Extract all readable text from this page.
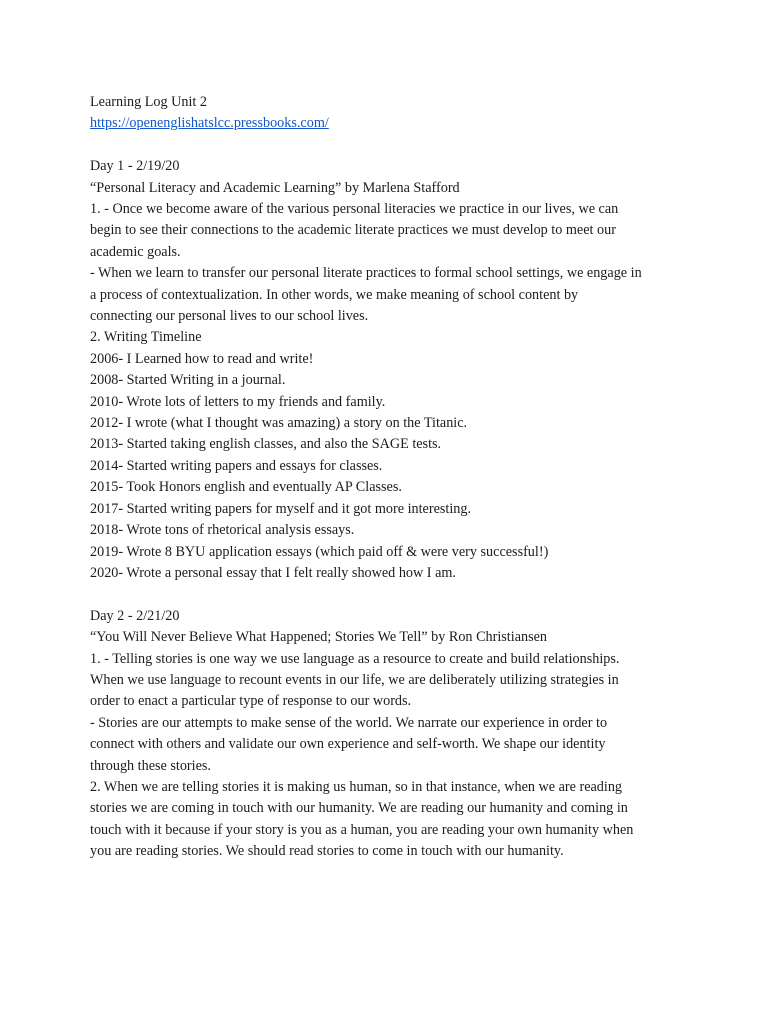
Learning Log Unit 2
https://openenglishatslcc.pressbooks.com/
Day 1 - 2/19/20
“Personal Literacy and Academic Learning” by Marlena Stafford
1. - Once we become aware of the various personal literacies we practice in our lives, we can
begin to see their connections to the academic literate practices we must develop to meet our
academic goals.
- When we learn to transfer our personal literate practices to formal school settings, we engage in
a process of contextualization. In other words, we make meaning of school content by
connecting our personal lives to our school lives.
2. Writing Timeline
2006- I Learned how to read and write!
2008- Started Writing in a journal.
2010- Wrote lots of letters to my friends and family.
2012- I wrote (what I thought was amazing) a story on the Titanic.
2013- Started taking english classes, and also the SAGE tests.
2014- Started writing papers and essays for classes.
2015- Took Honors english and eventually AP Classes.
2017- Started writing papers for myself and it got more interesting.
2018- Wrote tons of rhetorical analysis essays.
2019- Wrote 8 BYU application essays (which paid off & were very successful!)
2020- Wrote a personal essay that I felt really showed how I am.
Day 2 - 2/21/20
“You Will Never Believe What Happened; Stories We Tell” by Ron Christiansen
1. - Telling stories is one way we use language as a resource to create and build relationships.
When we use language to recount events in our life, we are deliberately utilizing strategies in
order to enact a particular type of response to our words.
- Stories are our attempts to make sense of the world. We narrate our experience in order to
connect with others and validate our own experience and self-worth. We shape our identity
through these stories.
2. When we are telling stories it is making us human, so in that instance, when we are reading
stories we are coming in touch with our humanity. We are reading our humanity and coming in
touch with it because if your story is you as a human, you are reading your own humanity when
you are reading stories. We should read stories to come in touch with our humanity.
